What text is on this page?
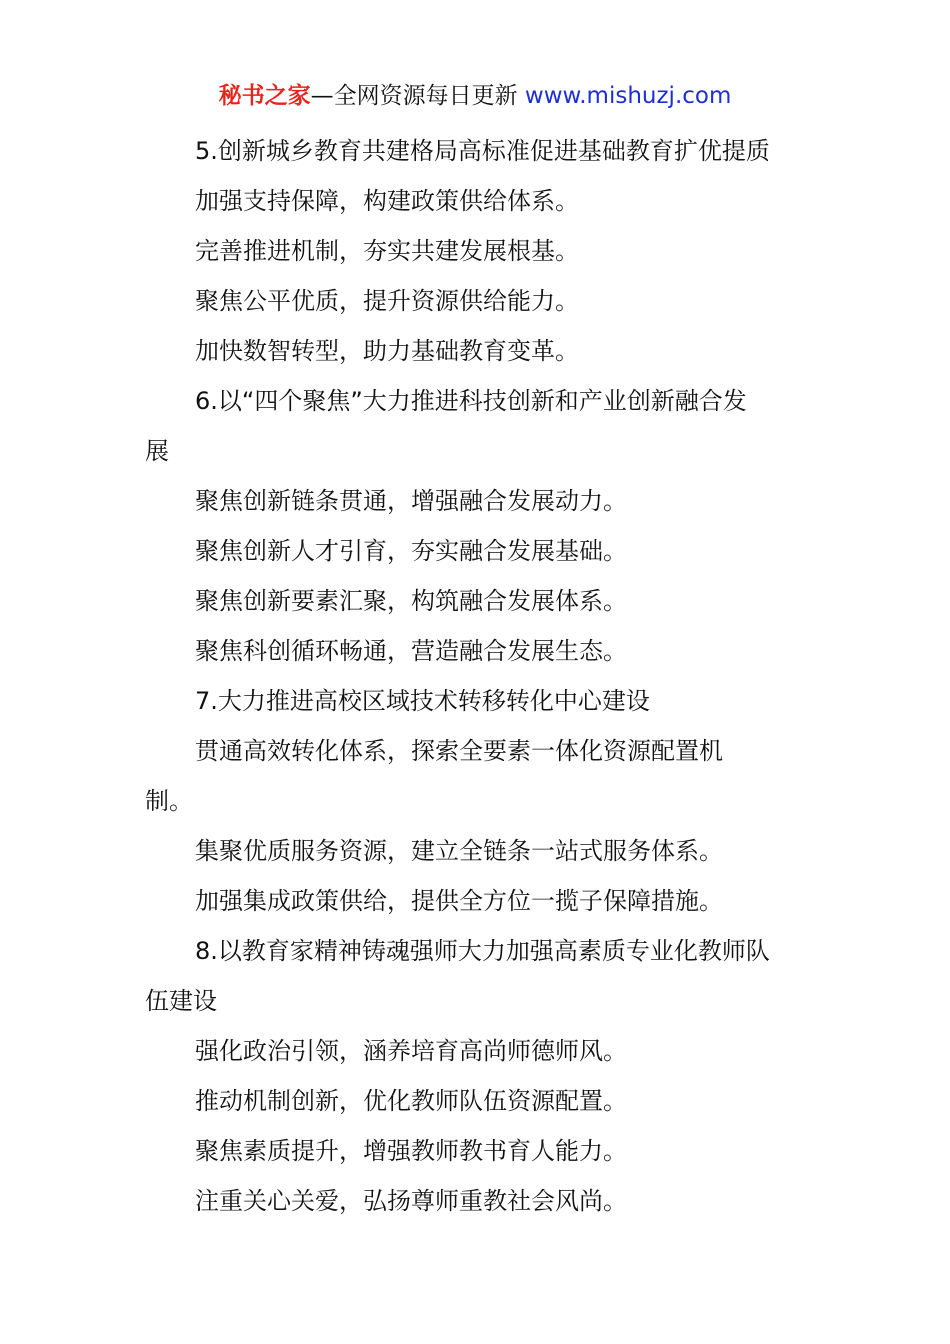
秘书之家—全网资源每日更新 www.mishuzj.com

5.创新城乡教育共建格局高标准促进基础教育扩优提质

加强支持保障，构建政策供给体系。

完善推进机制，夯实共建发展根基。

聚焦公平优质，提升资源供给能力。

加快数智转型，助力基础教育变革。

6.以“四个聚焦”大力推进科技创新和产业创新融合发

展

聚焦创新链条贯通，增强融合发展动力。

聚焦创新人才引育，夯实融合发展基础。

聚焦创新要素汇聚，构筑融合发展体系。

聚焦科创循环畅通，营造融合发展生态。

7.大力推进高校区域技术转移转化中心建设

贯通高效转化体系，探索全要素一体化资源配置机

制。

集聚优质服务资源，建立全链条一站式服务体系。

加强集成政策供给，提供全方位一揽子保障措施。

8.以教育家精神铸魂强师大力加强高素质专业化教师队

伍建设

强化政治引领，涵养培育高尚师德师风。

推动机制创新，优化教师队伍资源配置。

聚焦素质提升，增强教师教书育人能力。

注重关心关爱，弘扬尊师重教社会风尚。
